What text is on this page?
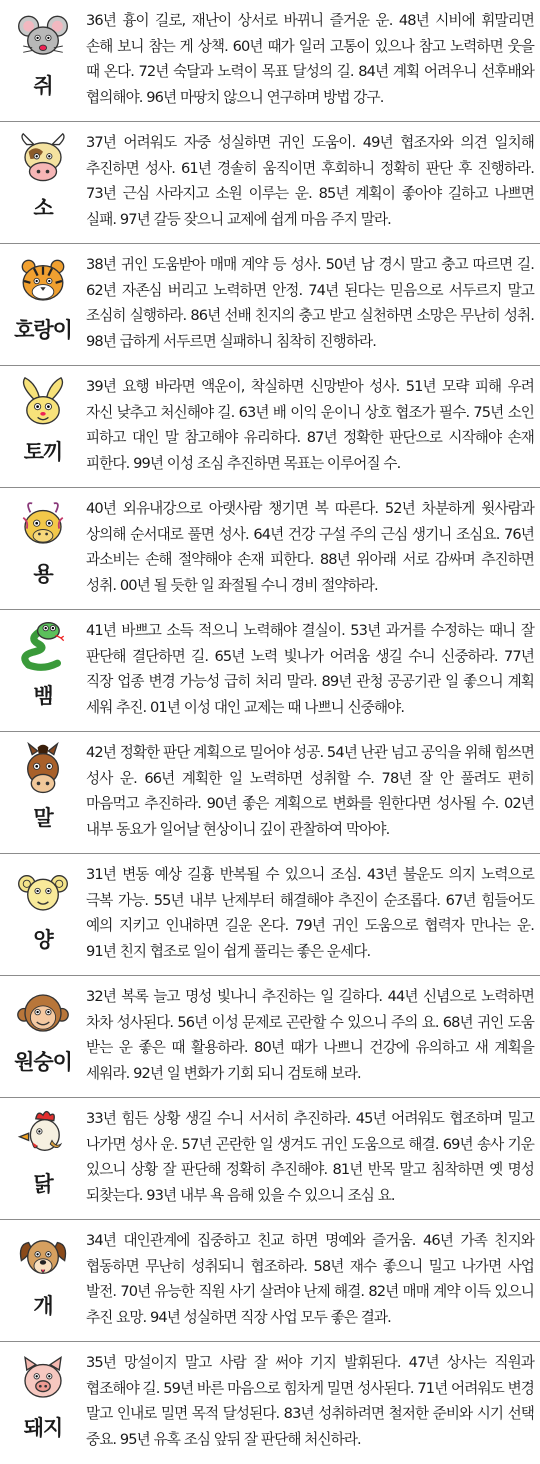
쥐
36년 흉이 길로, 재난이 상서로 바뀌니 즐거운 운. 48년 시비에 휘말리면 손해 보니 참는 게 상책. 60년 때가 일러 고통이 있으나 참고 노력하면 웃을 때 온다. 72년 숙달과 노력이 목표 달성의 길. 84년 계획 어려우니 선후배와 협의해야. 96년 마땅치 않으니 연구하며 방법 강구.
소
37년 어려워도 자중 성실하면 귀인 도움이. 49년 협조자와 의견 일치해 추진하면 성사. 61년 경솔히 움직이면 후회하니 정확히 판단 후 진행하라. 73년 근심 사라지고 소원 이루는 운. 85년 계획이 좋아야 길하고 나쁘면 실패. 97년 갈등 잦으니 교제에 쉽게 마음 주지 말라.
호랑이
38년 귀인 도움받아 매매 계약 등 성사. 50년 남 경시 말고 충고 따르면 길. 62년 자존심 버리고 노력하면 안정. 74년 된다는 믿음으로 서두르지 말고 조심히 실행하라. 86년 선배 친지의 충고 받고 실천하면 소망은 무난히 성취. 98년 급하게 서두르면 실패하니 침착히 진행하라.
토끼
39년 요행 바라면 액운이, 착실하면 신망받아 성사. 51년 모략 피해 우려 자신 낮추고 처신해야 길. 63년 배 이익 운이니 상호 협조가 필수. 75년 소인 피하고 대인 말 참고해야 유리하다. 87년 정확한 판단으로 시작해야 손재 피한다. 99년 이성 조심 추진하면 목표는 이루어질 수.
용
40년 외유내강으로 아랫사람 챙기면 복 따른다. 52년 차분하게 윗사람과 상의해 순서대로 풀면 성사. 64년 건강 구설 주의 근심 생기니 조심요. 76년 과소비는 손해 절약해야 손재 피한다. 88년 위아래 서로 감싸며 추진하면 성취. 00년 될 듯한 일 좌절될 수니 경비 절약하라.
뱀
41년 바쁘고 소득 적으니 노력해야 결실이. 53년 과거를 수정하는 때니 잘 판단해 결단하면 길. 65년 노력 빛나가 어려움 생길 수니 신중하라. 77년 직장 업종 변경 가능성 급히 처리 말라. 89년 관청 공공기관 일 좋으니 계획 세워 추진. 01년 이성 대인 교제는 때 나쁘니 신중해야.
말
42년 정확한 판단 계획으로 밀어야 성공. 54년 난관 넘고 공익을 위해 힘쓰면 성사 운. 66년 계획한 일 노력하면 성취할 수. 78년 잘 안 풀려도 편히 마음먹고 추진하라. 90년 좋은 계획으로 변화를 원한다면 성사될 수. 02년 내부 동요가 일어날 현상이니 깊이 관찰하여 막아야.
양
31년 변동 예상 길흉 반복될 수 있으니 조심. 43년 불운도 의지 노력으로 극복 가능. 55년 내부 난제부터 해결해야 추진이 순조롭다. 67년 힘들어도 예의 지키고 인내하면 길운 온다. 79년 귀인 도움으로 협력자 만나는 운. 91년 친지 협조로 일이 쉽게 풀리는 좋은 운세다.
원숭이
32년 복록 늘고 명성 빛나니 추진하는 일 길하다. 44년 신념으로 노력하면 차차 성사된다. 56년 이성 문제로 곤란할 수 있으니 주의 요. 68년 귀인 도움 받는 운 좋은 때 활용하라. 80년 때가 나쁘니 건강에 유의하고 새 계획을 세워라. 92년 일 변화가 기회 되니 검토해 보라.
닭
33년 힘든 상황 생길 수니 서서히 추진하라. 45년 어려워도 협조하며 밀고 나가면 성사 운. 57년 곤란한 일 생겨도 귀인 도움으로 해결. 69년 송사 기운 있으니 상황 잘 판단해 정확히 추진해야. 81년 반목 말고 침착하면 옛 명성 되찾는다. 93년 내부 욕 음해 있을 수 있으니 조심 요.
개
34년 대인관계에 집중하고 친교 하면 명예와 즐거움. 46년 가족 친지와 협동하면 무난히 성취되니 협조하라. 58년 재수 좋으니 밀고 나가면 사업 발전. 70년 유능한 직원 사기 살려야 난제 해결. 82년 매매 계약 이득 있으니 추진 요망. 94년 성실하면 직장 사업 모두 좋은 결과.
돼지
35년 망설이지 말고 사람 잘 써야 기지 발휘된다. 47년 상사는 직원과 협조해야 길. 59년 바른 마음으로 힘차게 밀면 성사된다. 71년 어려워도 변경 말고 인내로 밀면 목적 달성된다. 83년 성취하려면 철저한 준비와 시기 선택 중요. 95년 유혹 조심 앞뒤 잘 판단해 처신하라.
